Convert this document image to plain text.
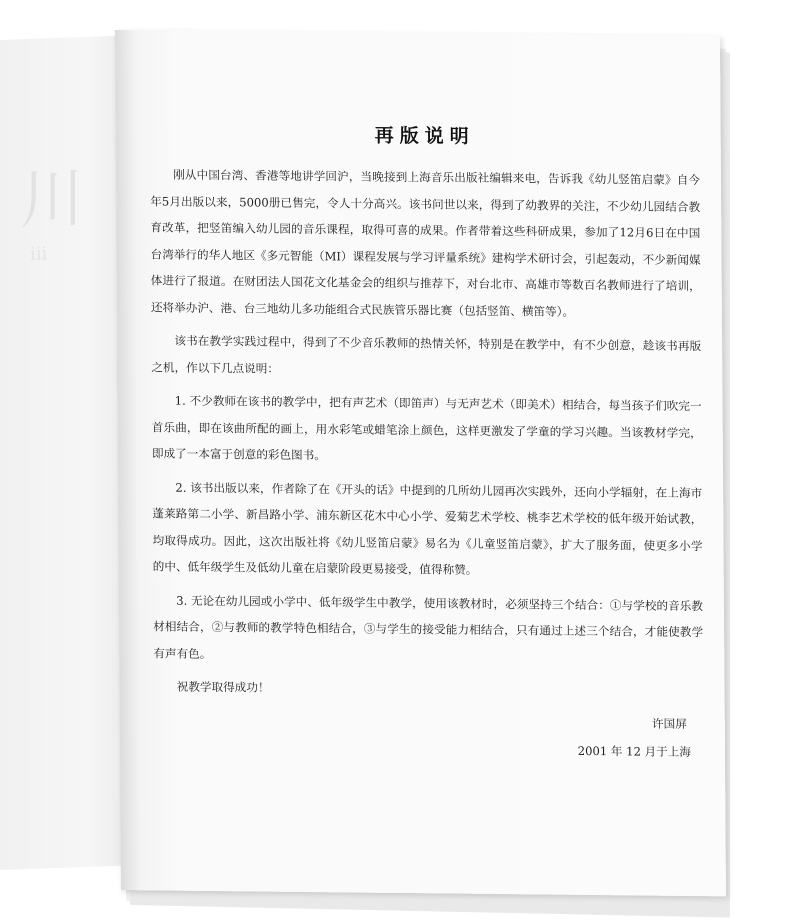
川
iii
再版说明

刚从中国台湾、香港等地讲学回沪，当晚接到上海音乐出版社编辑来电，告诉我《幼儿竖笛启蒙》自今年5月出版以来，5000册已售完，令人十分高兴。该书问世以来，得到了幼教界的关注，不少幼儿园结合教育改革，把竖笛编入幼儿园的音乐课程，取得可喜的成果。作者带着这些科研成果，参加了12月6日在中国台湾举行的华人地区《多元智能（MI）课程发展与学习评量系统》建构学术研讨会，引起轰动，不少新闻媒体进行了报道。在财团法人国花文化基金会的组织与推荐下，对台北市、高雄市等数百名教师进行了培训，还将举办沪、港、台三地幼儿多功能组合式民族管乐器比赛（包括竖笛、横笛等）。

该书在教学实践过程中，得到了不少音乐教师的热情关怀，特别是在教学中，有不少创意，趁该书再版之机，作以下几点说明：

1. 不少教师在该书的教学中，把有声艺术（即笛声）与无声艺术（即美术）相结合，每当孩子们吹完一首乐曲，即在该曲所配的画上，用水彩笔或蜡笔涂上颜色，这样更激发了学童的学习兴趣。当该教材学完，即成了一本富于创意的彩色图书。

2. 该书出版以来，作者除了在《开头的话》中提到的几所幼儿园再次实践外，还向小学辐射，在上海市蓬莱路第二小学、新昌路小学、浦东新区花木中心小学、爱菊艺术学校、桃李艺术学校的低年级开始试教，均取得成功。因此，这次出版社将《幼儿竖笛启蒙》易名为《儿童竖笛启蒙》，扩大了服务面，使更多小学的中、低年级学生及低幼儿童在启蒙阶段更易接受，值得称赞。

3. 无论在幼儿园或小学中、低年级学生中教学，使用该教材时，必须坚持三个结合：①与学校的音乐教材相结合，②与教师的教学特色相结合，③与学生的接受能力相结合，只有通过上述三个结合，才能使教学有声有色。

祝教学取得成功！

许国屏
2001 年 12 月于上海
